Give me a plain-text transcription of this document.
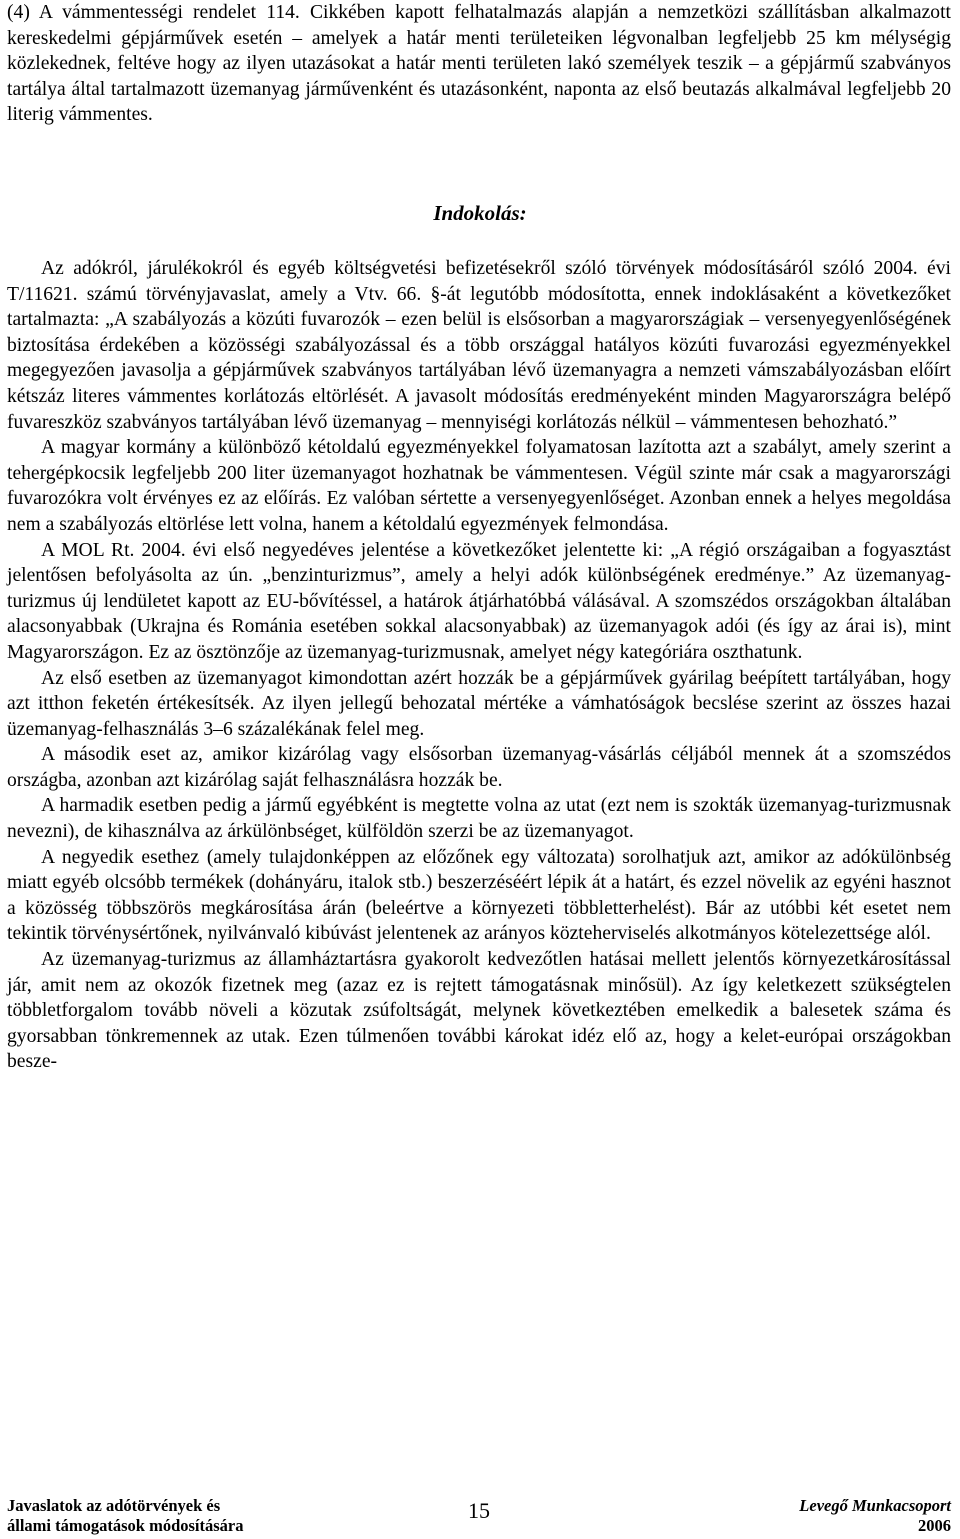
(4) A vámmentességi rendelet 114. Cikkében kapott felhatalmazás alapján a nemzetközi szállításban alkalmazott kereskedelmi gépjárművek esetén – amelyek a határ menti területeiken légvonalban legfeljebb 25 km mélységig közlekednek, feltéve hogy az ilyen utazásokat a határ menti területen lakó személyek teszik – a gépjármű szabványos tartálya által tartalmazott üzemanyag járművenként és utazásonként, naponta az első beutazás alkalmával legfeljebb 20 literig vámmentes.

Indokolás:

Az adókról, járulékokról és egyéb költségvetési befizetésekről szóló törvények módosításáról szóló 2004. évi T/11621. számú törvényjavaslat, amely a Vtv. 66. §-át legutóbb módosította, ennek indoklásaként a következőket tartalmazta: „A szabályozás a közúti fuvarozók – ezen belül is elsősorban a magyarországiak – versenyegyenlőségének biztosítása érdekében a közösségi szabályozással és a több országgal hatályos közúti fuvarozási egyezményekkel megegyezően javasolja a gépjárművek szabványos tartályában lévő üzemanyagra a nemzeti vámszabályozásban előírt kétszáz literes vámmentes korlátozás eltörlését. A javasolt módosítás eredményeként minden Magyarországra belépő fuvareszköz szabványos tartályában lévő üzemanyag – mennyiségi korlátozás nélkül – vámmentesen behozható.”

A magyar kormány a különböző kétoldalú egyezményekkel folyamatosan lazította azt a szabályt, amely szerint a tehergépkocsik legfeljebb 200 liter üzemanyagot hozhatnak be vámmentesen. Végül szinte már csak a magyarországi fuvarozókra volt érvényes ez az előírás. Ez valóban sértette a versenyegyenlőséget. Azonban ennek a helyes megoldása nem a szabályozás eltörlése lett volna, hanem a kétoldalú egyezmények felmondása.

A MOL Rt. 2004. évi első negyedéves jelentése a következőket jelentette ki: „A régió országaiban a fogyasztást jelentősen befolyásolta az ún. „benzinturizmus”, amely a helyi adók különbségének eredménye.” Az üzemanyag-turizmus új lendületet kapott az EU-bővítéssel, a határok átjárhatóbbá válásával. A szomszédos országokban általában alacsonyabbak (Ukrajna és Románia esetében sokkal alacsonyabbak) az üzemanyagok adói (és így az árai is), mint Magyarországon. Ez az ösztönzője az üzemanyag-turizmusnak, amelyet négy kategóriára oszthatunk.

Az első esetben az üzemanyagot kimondottan azért hozzák be a gépjárművek gyárilag beépített tartályában, hogy azt itthon feketén értékesítsék. Az ilyen jellegű behozatal mértéke a vámhatóságok becslése szerint az összes hazai üzemanyag-felhasználás 3–6 százalékának felel meg.

A második eset az, amikor kizárólag vagy elsősorban üzemanyag-vásárlás céljából mennek át a szomszédos országba, azonban azt kizárólag saját felhasználásra hozzák be.

A harmadik esetben pedig a jármű egyébként is megtette volna az utat (ezt nem is szokták üzemanyag-turizmusnak nevezni), de kihasználva az árkülönbséget, külföldön szerzi be az üzemanyagot.

A negyedik esethez (amely tulajdonképpen az előzőnek egy változata) sorolhatjuk azt, amikor az adókülönbség miatt egyéb olcsóbb termékek (dohányáru, italok stb.) beszerzéséért lépik át a határt, és ezzel növelik az egyéni hasznot a közösség többszörös megkárosítása árán (beleértve a környezeti többletterhelést). Bár az utóbbi két esetet nem tekintik törvénysértőnek, nyilvánvaló kibúvást jelentenek az arányos közteherviselés alkotmányos kötelezettsége alól.

Az üzemanyag-turizmus az államháztartásra gyakorolt kedvezőtlen hatásai mellett jelentős környezetkárosítással jár, amit nem az okozók fizetnek meg (azaz ez is rejtett támogatásnak minősül). Az így keletkezett szükségtelen többletforgalom tovább növeli a közutak zsúfoltságát, melynek következtében emelkedik a balesetek száma és gyorsabban tönkremennek az utak. Ezen túlmenően további károkat idéz elő az, hogy a kelet-európai országokban besze-

Javaslatok az adótörvények és
állami támogatások módosítására
15	Levegő Munkacsoport
2006
